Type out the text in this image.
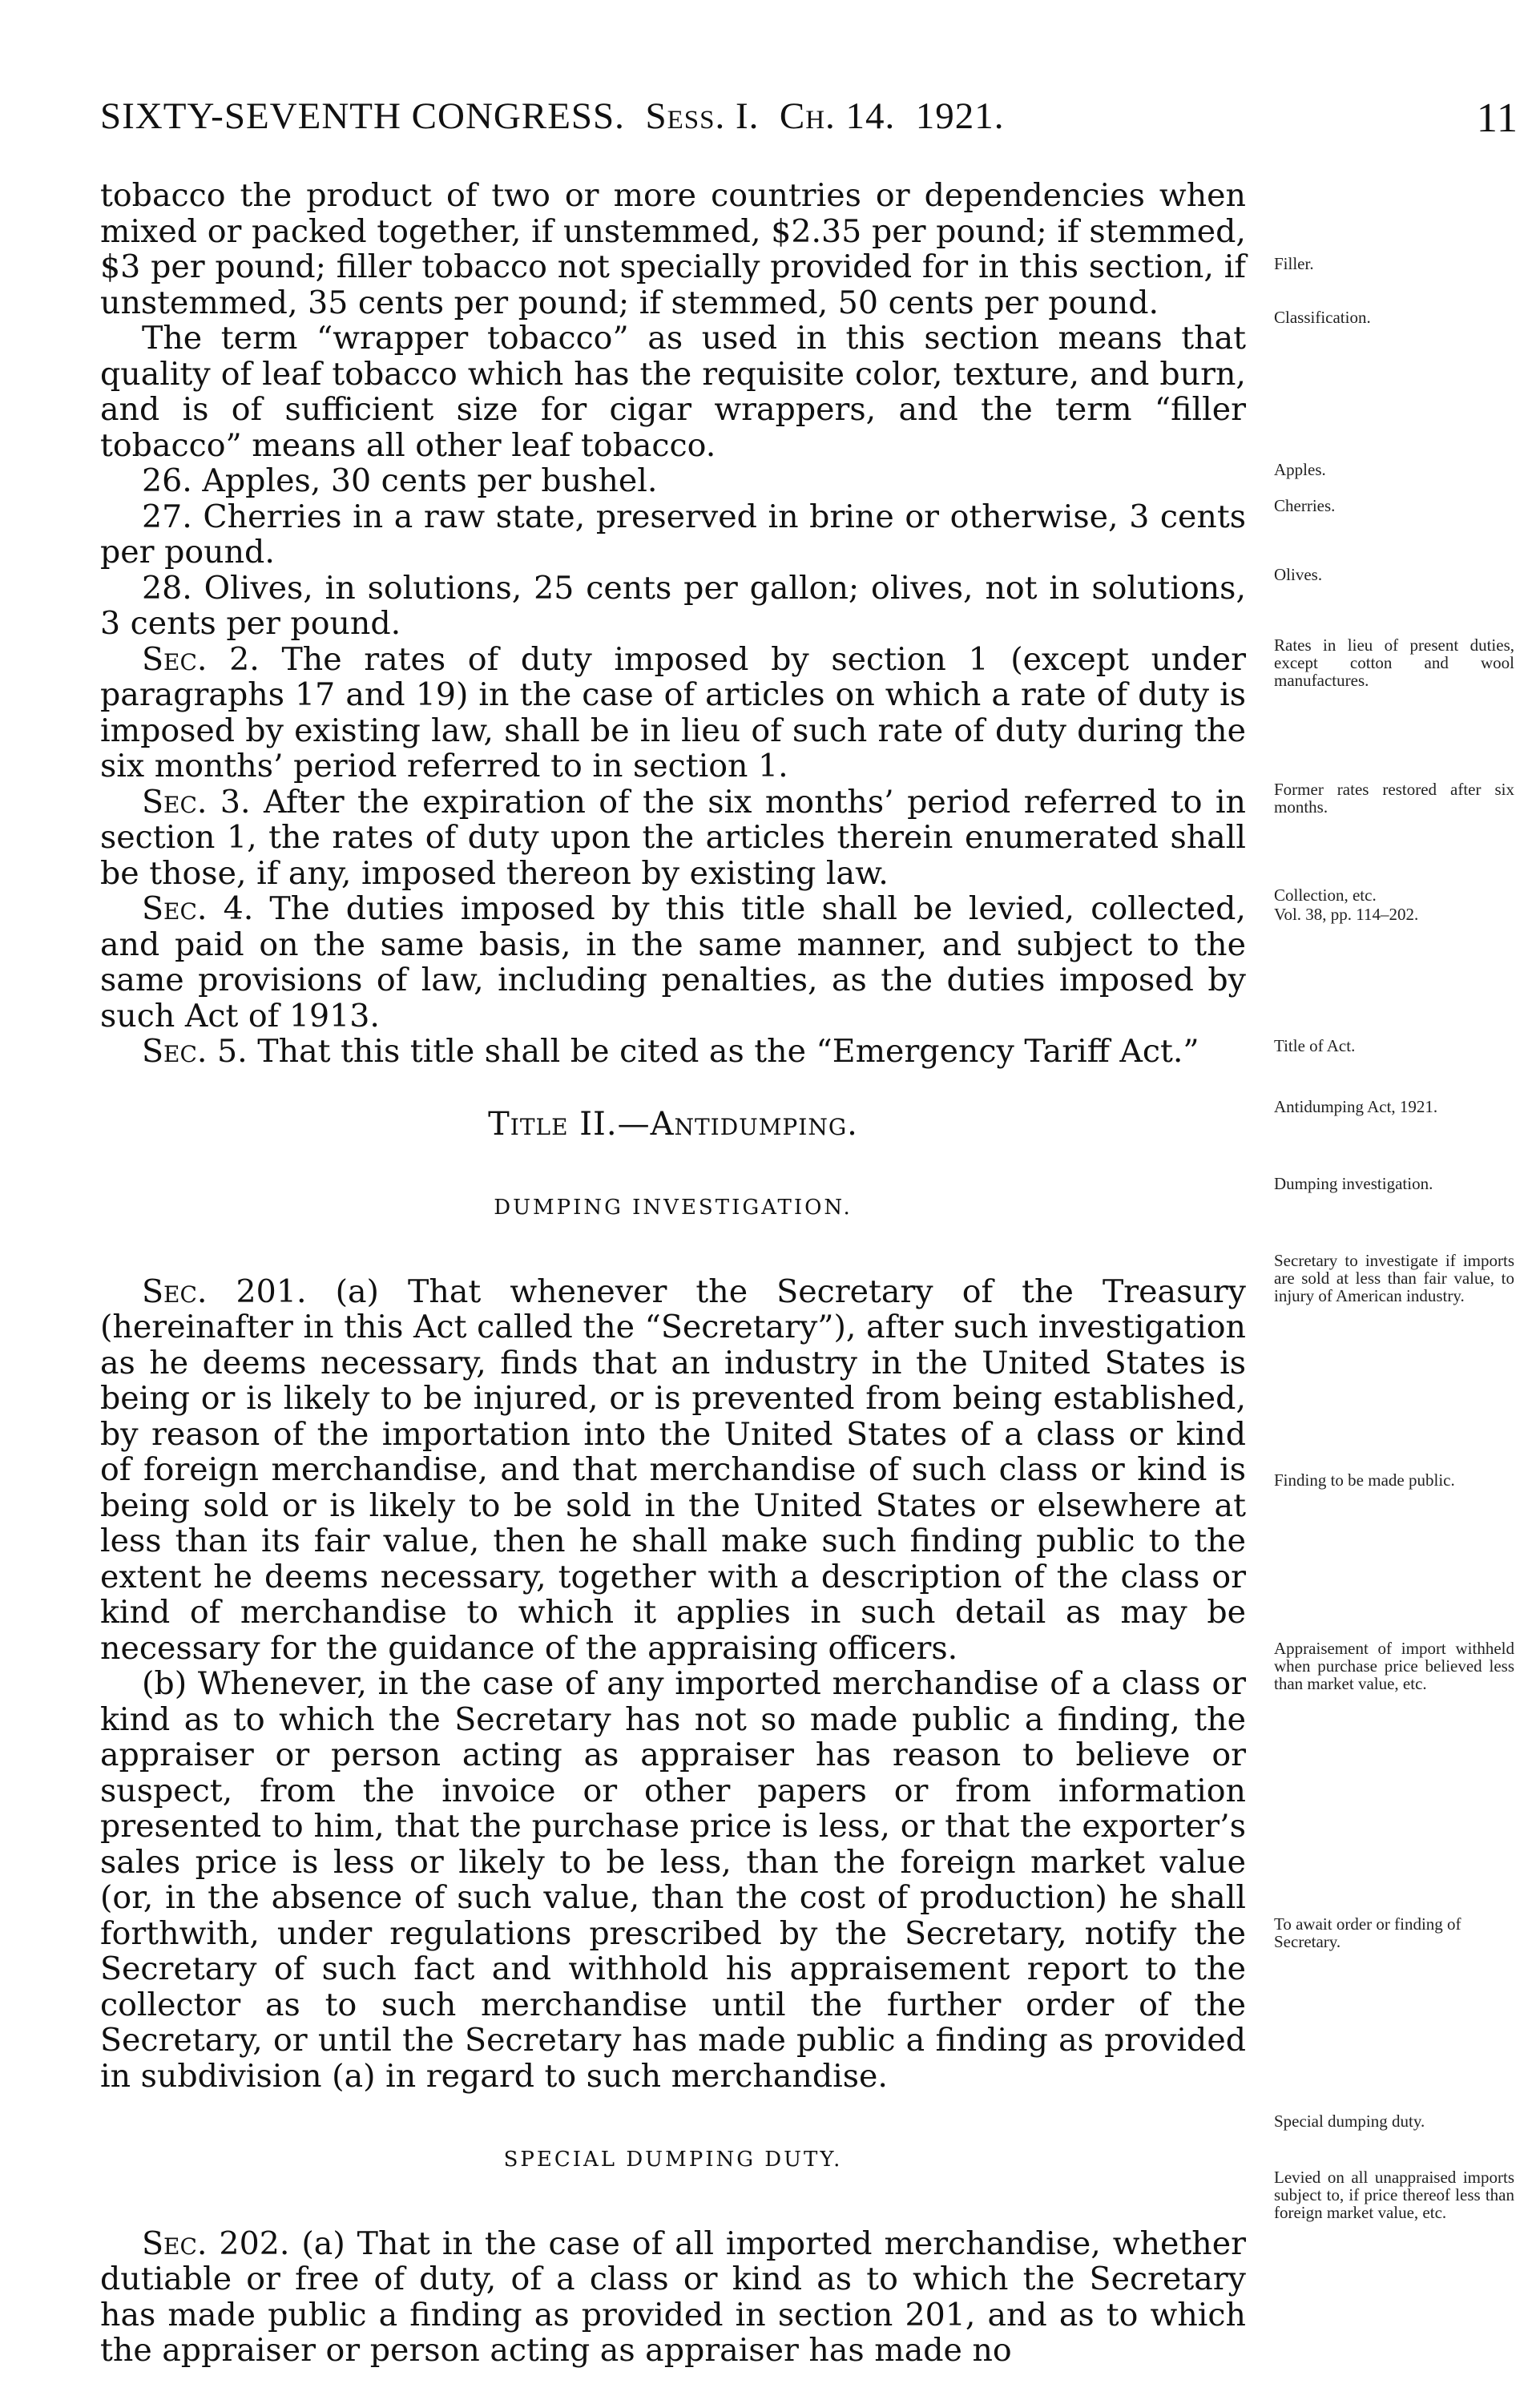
SIXTY-SEVENTH CONGRESS. Sess. I. Ch. 14. 1921.	11

tobacco the product of two or more countries or dependencies when mixed or packed together, if unstemmed, $2.35 per pound; if stemmed, $3 per pound; filler tobacco not specially provided for in this section, if unstemmed, 35 cents per pound; if stemmed, 50 cents per pound.

The term “wrapper tobacco” as used in this section means that quality of leaf tobacco which has the requisite color, texture, and burn, and is of sufficient size for cigar wrappers, and the term “filler tobacco” means all other leaf tobacco.

26. Apples, 30 cents per bushel.

27. Cherries in a raw state, preserved in brine or otherwise, 3 cents per pound.

28. Olives, in solutions, 25 cents per gallon; olives, not in solutions, 3 cents per pound.

Sec. 2. The rates of duty imposed by section 1 (except under paragraphs 17 and 19) in the case of articles on which a rate of duty is imposed by existing law, shall be in lieu of such rate of duty during the six months’ period referred to in section 1.

Sec. 3. After the expiration of the six months’ period referred to in section 1, the rates of duty upon the articles therein enumerated shall be those, if any, imposed thereon by existing law.

Sec. 4. The duties imposed by this title shall be levied, collected, and paid on the same basis, in the same manner, and subject to the same provisions of law, including penalties, as the duties imposed by such Act of 1913.

Sec. 5. That this title shall be cited as the “Emergency Tariff Act.”

Title II.—Antidumping.
DUMPING INVESTIGATION.

Sec. 201. (a) That whenever the Secretary of the Treasury (hereinafter in this Act called the “Secretary”), after such investigation as he deems necessary, finds that an industry in the United States is being or is likely to be injured, or is prevented from being established, by reason of the importation into the United States of a class or kind of foreign merchandise, and that merchandise of such class or kind is being sold or is likely to be sold in the United States or elsewhere at less than its fair value, then he shall make such finding public to the extent he deems necessary, together with a description of the class or kind of merchandise to which it applies in such detail as may be necessary for the guidance of the appraising officers.

(b) Whenever, in the case of any imported merchandise of a class or kind as to which the Secretary has not so made public a finding, the appraiser or person acting as appraiser has reason to believe or suspect, from the invoice or other papers or from information presented to him, that the purchase price is less, or that the exporter’s sales price is less or likely to be less, than the foreign market value (or, in the absence of such value, than the cost of production) he shall forthwith, under regulations prescribed by the Secretary, notify the Secretary of such fact and withhold his appraisement report to the collector as to such merchandise until the further order of the Secretary, or until the Secretary has made public a finding as provided in subdivision (a) in regard to such merchandise.

SPECIAL DUMPING DUTY.

Sec. 202. (a) That in the case of all imported merchandise, whether dutiable or free of duty, of a class or kind as to which the Secretary has made public a finding as provided in section 201, and as to which the appraiser or person acting as appraiser has made no

Filler.
Classification.
Apples.
Cherries.
Olives.
Rates in lieu of present duties, except cotton and wool manufactures.
Former rates restored after six months.
Collection, etc.
Vol. 38, pp. 114–202.
Title of Act.
Antidumping Act, 1921.
Dumping investigation.
Secretary to investigate if imports are sold at less than fair value, to injury of American industry.
Finding to be made public.
Appraisement of import withheld when purchase price believed less than market value, etc.
To await order or finding of Secretary.
Special dumping duty.
Levied on all unappraised imports subject to, if price thereof less than foreign market value, etc.
